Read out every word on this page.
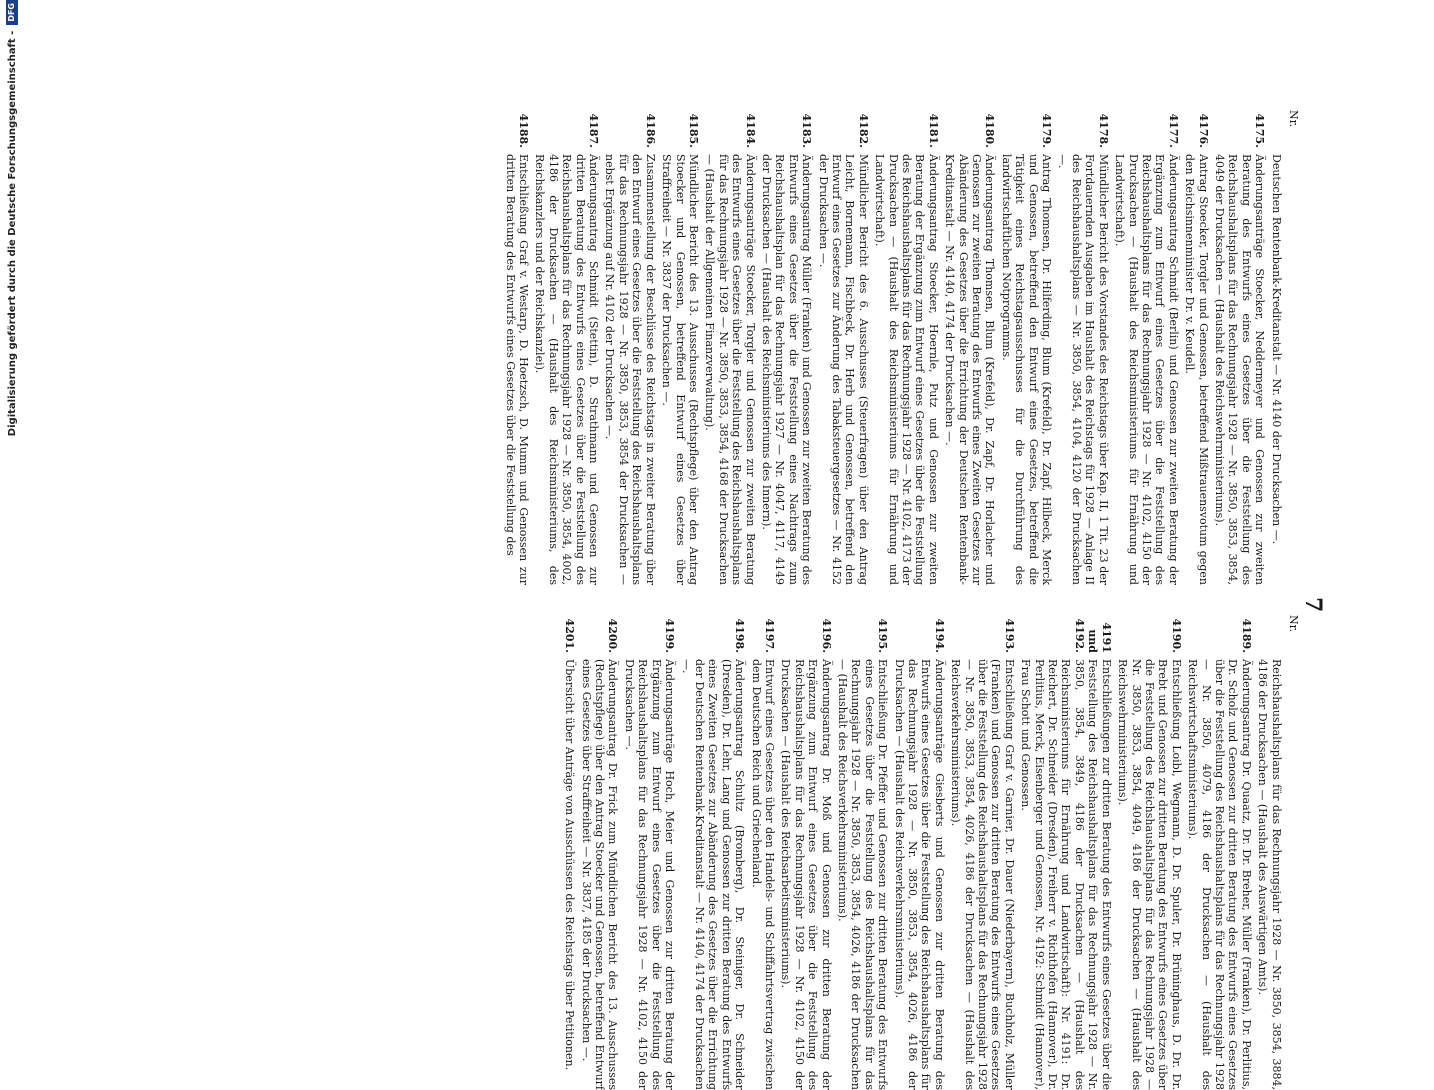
7
Nr.
Deutschen Rentenbank-Kreditanstalt — Nr. 4140 der Drucksachen —.
4175.
Änderungsanträge Stoecker, Neddermeyer und Genossen zur zweiten Beratung des Entwurfs eines Gesetzes über die Feststellung des Reichshaushaltsplans für das Rechnungsjahr 1928 — Nr. 3850, 3853, 3854, 4049 der Drucksachen — (Haushalt des Reichswehrministeriums).
4176.
Antrag Stoecker, Torgler und Genossen, betreffend Mißtrauensvotum gegen den Reichsinnenminister Dr. v. Keudell.
4177.
Änderungsantrag Schmidt (Berlin) und Genossen zur zweiten Beratung der Ergänzung zum Entwurf eines Gesetzes über die Feststellung des Reichshaushaltsplans für das Rechnungsjahr 1928 — Nr. 4102, 4150 der Drucksachen — (Haushalt des Reichsministeriums für Ernährung und Landwirtschaft).
4178.
Mündlicher Bericht des Vorstandes des Reichstags über Kap. II, 1 Tit. 23 der Fortdauernden Ausgaben im Haushalt des Reichstags für 1928 — Anlage II des Reichshaushaltsplans — Nr. 3850, 3854, 4104, 4120 der Drucksachen —.
4179.
Antrag Thomsen, Dr. Hilferding, Blum (Krefeld), Dr. Zapf, Hilbeck, Merck und Genossen, betreffend den Entwurf eines Gesetzes, betreffend die Tätigkeit eines Reichstagsausschusses für die Durchführung des landwirtschaftlichen Notprogramms.
4180.
Änderungsantrag Thomsen, Blum (Krefeld), Dr. Zapf, Dr. Horlacher und Genossen zur zweiten Beratung des Entwurfs eines Zweiten Gesetzes zur Abänderung des Gesetzes über die Errichtung der Deutschen Rentenbank-Kreditanstalt — Nr. 4140, 4174 der Drucksachen —.
4181.
Änderungsantrag Stoecker, Hoernle, Putz und Genossen zur zweiten Beratung der Ergänzung zum Entwurf eines Gesetzes über die Feststellung des Reichshaushaltsplans für das Rechnungsjahr 1928 — Nr. 4102, 4173 der Drucksachen — (Haushalt des Reichsministeriums für Ernährung und Landwirtschaft).
4182.
Mündlicher Bericht des 6. Ausschusses (Steuerfragen) über den Antrag Leicht, Bornemann, Fischbeck, Dr. Herb und Genossen, betreffend den Entwurf eines Gesetzes zur Änderung des Tabaksteuergesetzes — Nr. 4152 der Drucksachen —.
4183.
Änderungsantrag Müller (Franken) und Genossen zur zweiten Beratung des Entwurfs eines Gesetzes über die Feststellung eines Nachtrags zum Reichshaushaltsplan für das Rechnungsjahr 1927 — Nr. 4047, 4117, 4149 der Drucksachen — (Haushalt des Reichsministeriums des Innern).
4184.
Änderungsanträge Stoecker, Torgler und Genossen zur zweiten Beratung des Entwurfs eines Gesetzes über die Feststellung des Reichshaushaltsplans für das Rechnungsjahr 1928 — Nr. 3850, 3853, 3854, 4168 der Drucksachen — (Haushalt der Allgemeinen Finanzverwaltung).
4185.
Mündlicher Bericht des 13. Ausschusses (Rechtspflege) über den Antrag Stoecker und Genossen, betreffend Entwurf eines Gesetzes über Straffreiheit — Nr. 3837 der Drucksachen —.
4186.
Zusammenstellung der Beschlüsse des Reichstags in zweiter Beratung über den Entwurf eines Gesetzes über die Feststellung des Reichshaushaltsplans für das Rechnungsjahr 1928 — Nr. 3850, 3853, 3854 der Drucksachen — nebst Ergänzung auf Nr. 4102 der Drucksachen —.
4187.
Änderungsantrag Schmidt (Stettin), D. Strathmann und Genossen zur dritten Beratung des Entwurfs eines Gesetzes über die Feststellung des Reichshaushaltsplans für das Rechnungsjahr 1928 — Nr. 3850, 3854, 4002, 4186 der Drucksachen — (Haushalt des Reichsministeriums, des Reichskanzlers und der Reichskanzlei).
4188.
Entschließung Graf v. Westarp, D. Hoetzsch, D. Mumm und Genossen zur dritten Beratung des Entwurfs eines Gesetzes über die Feststellung des
Nr.
Reichshaushaltsplans für das Rechnungsjahr 1928 — Nr. 3850, 3854, 3884, 4186 der Drucksachen — (Haushalt des Auswärtigen Amts).
4189.
Änderungsantrag Dr. Quaatz, Dr. Dr. Breher, Müller (Franken), Dr. Perlitius, Dr. Scholz und Genossen zur dritten Beratung des Entwurfs eines Gesetzes über die Feststellung des Reichshaushaltsplans für das Rechnungsjahr 1928 — Nr. 3850, 4079, 4186 der Drucksachen — (Haushalt des Reichswirtschaftsministeriums).
4190.
Entschließung Loibl, Wegmann, D. Dr. Spuler, Dr. Brüninghaus, D. Dr. Dr. Brebt und Genossen zur dritten Beratung des Entwurfs eines Gesetzes über die Feststellung des Reichshaushaltsplans für das Rechnungsjahr 1928 — Nr. 3850, 3853, 3854, 4049, 4186 der Drucksachen — (Haushalt des Reichswehrministeriums).
4191 und 4192.
Entschließungen zur dritten Beratung des Entwurfs eines Gesetzes über die Feststellung des Reichshaushaltsplans für das Rechnungsjahr 1928 — Nr. 3850, 3854, 3849, 4186 der Drucksachen — (Haushalt des Reichsministeriums für Ernährung und Landwirtschaft): Nr. 4191: Dr. Reichert, Dr. Schneider (Dresden), Freiherr v. Richthofen (Hannover), Dr. Perlitius, Merck, Eisenberger und Genossen, Nr. 4192: Schmidt (Hannover), Frau Schott und Genossen.
4193.
Entschließung Graf v. Garnier, Dr. Dauer (Niederbayern), Buchholz, Müller (Franken) und Genossen zur dritten Beratung des Entwurfs eines Gesetzes über die Feststellung des Reichshaushaltsplans für das Rechnungsjahr 1928 — Nr. 3850, 3853, 3854, 4026, 4186 der Drucksachen — (Haushalt des Reichsverkehrsministeriums).
4194.
Änderungsanträge Giesberts und Genossen zur dritten Beratung des Entwurfs eines Gesetzes über die Feststellung des Reichshaushaltsplans für das Rechnungsjahr 1928 — Nr. 3850, 3853, 3854, 4026, 4186 der Drucksachen — (Haushalt des Reichsverkehrsministeriums).
4195.
Entschließung Dr. Pfeffer und Genossen zur dritten Beratung des Entwurfs eines Gesetzes über die Feststellung des Reichshaushaltsplans für das Rechnungsjahr 1928 — Nr. 3850, 3853, 3854, 4026, 4186 der Drucksachen — (Haushalt des Reichsverkehrsministeriums).
4196.
Änderungsantrag Dr. Moß und Genossen zur dritten Beratung der Ergänzung zum Entwurf eines Gesetzes über die Feststellung des Reichshaushaltsplans für das Rechnungsjahr 1928 — Nr. 4102, 4150 der Drucksachen — (Haushalt des Reichsarbeitsministeriums).
4197.
Entwurf eines Gesetzes über den Handels- und Schiffahrtsvertrag zwischen dem Deutschen Reich und Griechenland.
4198.
Änderungsantrag Schultz (Bromberg), Dr. Steiniger, Dr. Schneider (Dresden), Dr. Lehr, Lang und Genossen zur dritten Beratung des Entwurfs eines Zweiten Gesetzes zur Abänderung des Gesetzes über die Errichtung der Deutschen Rentenbank-Kreditanstalt — Nr. 4140, 4174 der Drucksachen —.
4199.
Änderungsanträge Hoch, Meier und Genossen zur dritten Beratung der Ergänzung zum Entwurf eines Gesetzes über die Feststellung des Reichshaushaltsplans für das Rechnungsjahr 1928 — Nr. 4102, 4150 der Drucksachen —.
4200.
Änderungsantrag Dr. Frick zum Mündlichen Bericht des 13. Ausschusses (Rechtspflege) über den Antrag Stoecker und Genossen, betreffend Entwurf eines Gesetzes über Straffreiheit — Nr. 3837, 4185 der Drucksachen —.
4201.
Übersicht über Anträge von Ausschüssen des Reichstags über Petitionen.
Digitalisierung gefördert durch die Deutsche Forschungsgemeinschaft -
DFG
